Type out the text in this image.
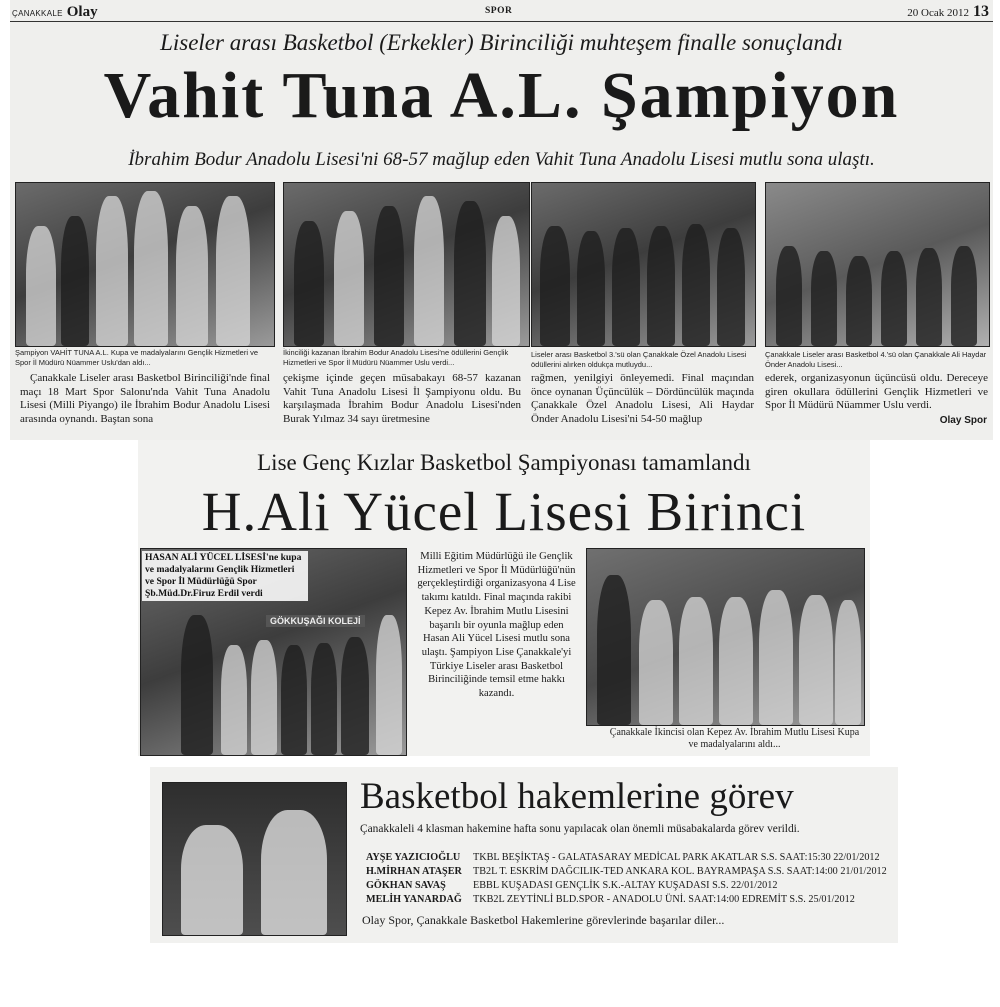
ÇANAKKALE Olay	SPOR	20 Ocak 2012 13
Liseler arası Basketbol (Erkekler) Birinciliği muhteşem finalle sonuçlandı
Vahit Tuna A.L. Şampiyon
İbrahim Bodur Anadolu Lisesi'ni 68-57 mağlup eden Vahit Tuna Anadolu Lisesi mutlu sona ulaştı.
Şampiyon VAHİT TUNA A.L. Kupa ve madalyalarını Gençlik Hizmetleri ve Spor İl Müdürü Nüammer Uslu'dan aldı...
İkinciliği kazanan İbrahim Bodur Anadolu Lisesi'ne ödüllerini Gençlik Hizmetleri ve Spor İl Müdürü Nüammer Uslu verdi...
Liseler arası Basketbol 3.'sü olan Çanakkale Özel Anadolu Lisesi ödüllerini alırken oldukça mutluydu...
Çanakkale Liseler arası Basketbol 4.'sü olan Çanakkale Ali Haydar Önder Anadolu Lisesi...
Çanakkale Liseler arası Basketbol Birinciliği'nde final maçı 18 Mart Spor Salonu'nda Vahit Tuna Anadolu Lisesi (Milli Piyango) ile İbrahim Bodur Anadolu Lisesi arasında oynandı. Baştan sona
çekişme içinde geçen müsabakayı 68-57 kazanan Vahit Tuna Anadolu Lisesi İl Şampiyonu oldu. Bu karşılaşmada İbrahim Bodur Anadolu Lisesi'nden Burak Yılmaz 34 sayı üretmesine
rağmen, yenilgiyi önleyemedi. Final maçından önce oynanan Üçüncülük – Dördüncülük maçında Çanakkale Özel Anadolu Lisesi, Ali Haydar Önder Anadolu Lisesi'ni 54-50 mağlup
ederek, organizasyonun üçüncüsü oldu. Dereceye giren okullara ödüllerini Gençlik Hizmetleri ve Spor İl Müdürü Nüammer Uslu verdi.
Olay Spor
Lise Genç Kızlar Basketbol Şampiyonası tamamlandı
H.Ali Yücel Lisesi Birinci
GÖKKUŞAĞI KOLEJİ
HASAN ALİ YÜCEL LİSESİ'ne kupa ve madalyalarını Gençlik Hizmetleri ve Spor İl Müdürlüğü Spor Şb.Müd.Dr.Firuz Erdil verdi
Milli Eğitim Müdürlüğü ile Gençlik Hizmetleri ve Spor İl Müdürlüğü'nün gerçekleştirdiği organizasyona 4 Lise takımı katıldı. Final maçında rakibi Kepez Av. İbrahim Mutlu Lisesini başarılı bir oyunla mağlup eden Hasan Ali Yücel Lisesi mutlu sona ulaştı. Şampiyon Lise Çanakkale'yi Türkiye Liseler arası Basketbol Birinciliğinde temsil etme hakkı kazandı.
Çanakkale İkincisi olan Kepez Av. İbrahim Mutlu Lisesi Kupa ve madalyalarını aldı...
Basketbol hakemlerine görev
Çanakkaleli 4 klasman hakemine hafta sonu yapılacak olan önemli müsabakalarda görev verildi.
AYŞE YAZICIOĞLU	TKBL BEŞİKTAŞ - GALATASARAY MEDİCAL PARK AKATLAR S.S. SAAT:15:30 22/01/2012
H.MİRHAN ATAŞER	TB2L T. ESKRİM DAĞCILIK-TED ANKARA KOL. BAYRAMPAŞA S.S. SAAT:14:00 21/01/2012
GÖKHAN SAVAŞ	EBBL KUŞADASI GENÇLİK S.K.-ALTAY KUŞADASI S.S. 22/01/2012
MELİH YANARDAĞ	TKB2L ZEYTİNLİ BLD.SPOR - ANADOLU ÜNİ. SAAT:14:00 EDREMİT S.S. 25/01/2012
Olay Spor, Çanakkale Basketbol Hakemlerine görevlerinde başarılar diler...
